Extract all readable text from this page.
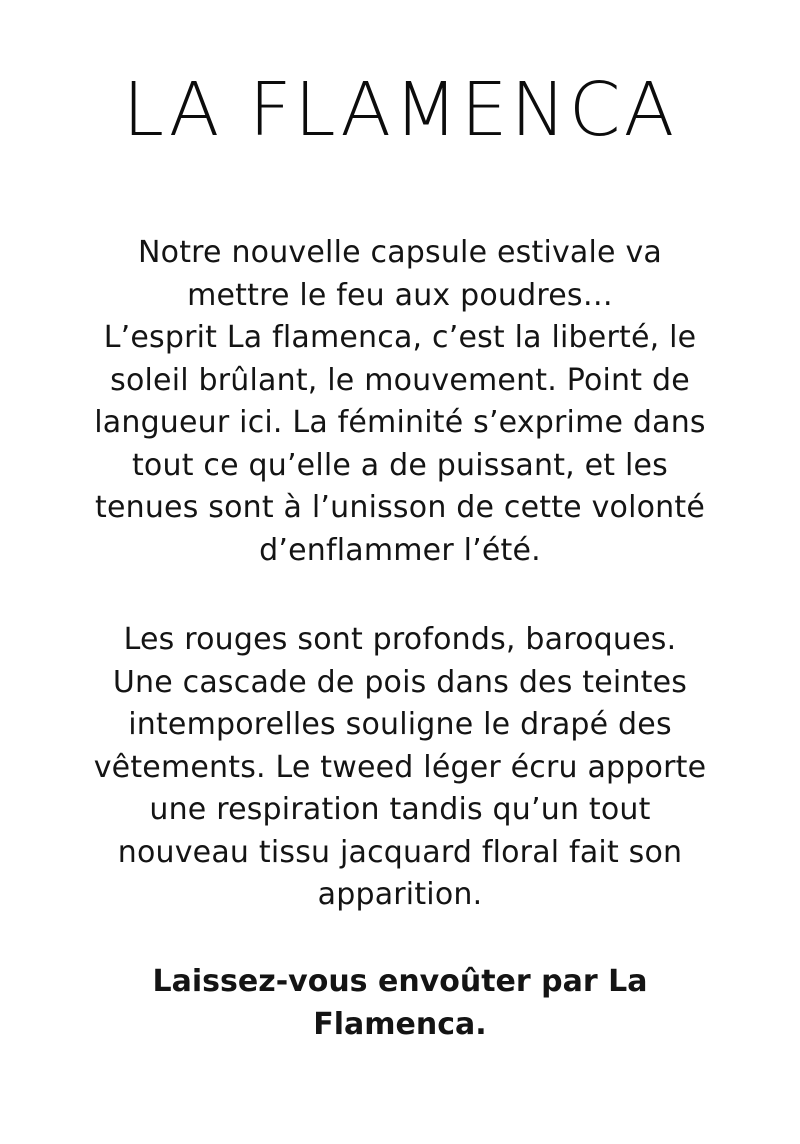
LA FLAMENCA

Notre nouvelle capsule estivale va
mettre le feu aux poudres…
L’esprit La flamenca, c’est la liberté, le
soleil brûlant, le mouvement. Point de
langueur ici. La féminité s’exprime dans
tout ce qu’elle a de puissant, et les
tenues sont à l’unisson de cette volonté
d’enflammer l’été.

Les rouges sont profonds, baroques.
Une cascade de pois dans des teintes
intemporelles souligne le drapé des
vêtements. Le tweed léger écru apporte
une respiration tandis qu’un tout
nouveau tissu jacquard floral fait son
apparition.

Laissez-vous envoûter par La
Flamenca.
